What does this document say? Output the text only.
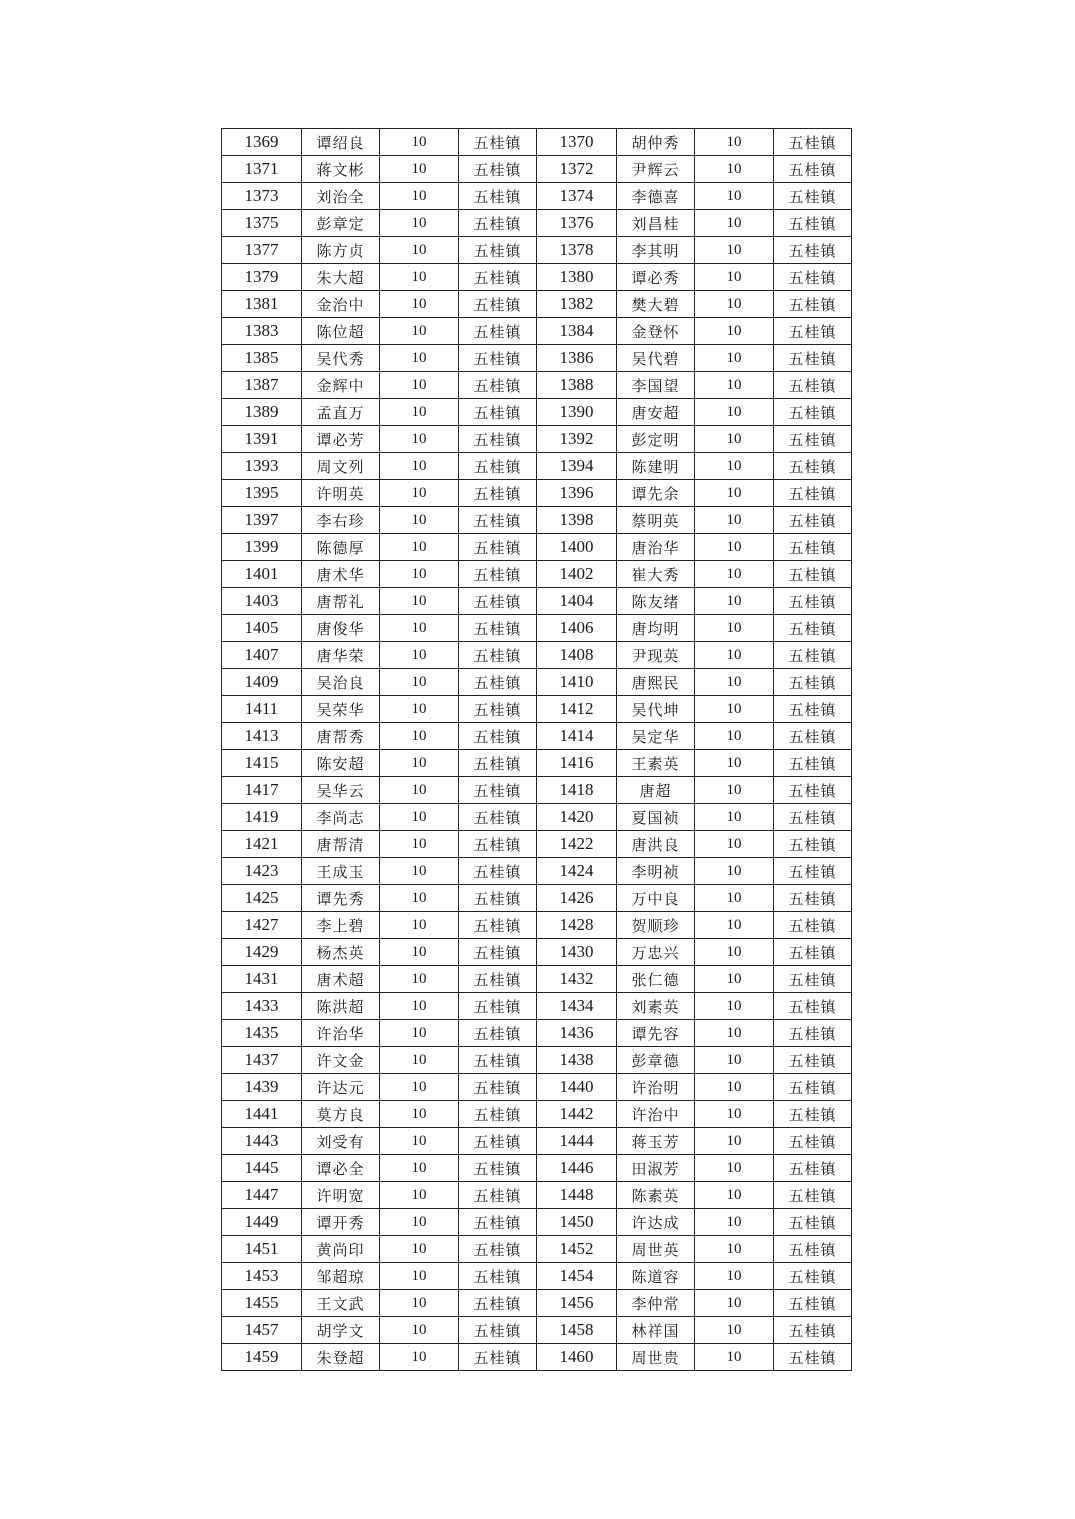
1369	谭绍良	10	五桂镇	1370	胡仲秀	10	五桂镇
1371	蒋文彬	10	五桂镇	1372	尹辉云	10	五桂镇
1373	刘治全	10	五桂镇	1374	李德喜	10	五桂镇
1375	彭章定	10	五桂镇	1376	刘昌桂	10	五桂镇
1377	陈方贞	10	五桂镇	1378	李其明	10	五桂镇
1379	朱大超	10	五桂镇	1380	谭必秀	10	五桂镇
1381	金治中	10	五桂镇	1382	樊大碧	10	五桂镇
1383	陈位超	10	五桂镇	1384	金登怀	10	五桂镇
1385	吴代秀	10	五桂镇	1386	吴代碧	10	五桂镇
1387	金辉中	10	五桂镇	1388	李国望	10	五桂镇
1389	孟直万	10	五桂镇	1390	唐安超	10	五桂镇
1391	谭必芳	10	五桂镇	1392	彭定明	10	五桂镇
1393	周文列	10	五桂镇	1394	陈建明	10	五桂镇
1395	许明英	10	五桂镇	1396	谭先余	10	五桂镇
1397	李右珍	10	五桂镇	1398	蔡明英	10	五桂镇
1399	陈德厚	10	五桂镇	1400	唐治华	10	五桂镇
1401	唐术华	10	五桂镇	1402	崔大秀	10	五桂镇
1403	唐帮礼	10	五桂镇	1404	陈友绪	10	五桂镇
1405	唐俊华	10	五桂镇	1406	唐均明	10	五桂镇
1407	唐华荣	10	五桂镇	1408	尹现英	10	五桂镇
1409	吴治良	10	五桂镇	1410	唐熙民	10	五桂镇
1411	吴荣华	10	五桂镇	1412	吴代坤	10	五桂镇
1413	唐帮秀	10	五桂镇	1414	吴定华	10	五桂镇
1415	陈安超	10	五桂镇	1416	王素英	10	五桂镇
1417	吴华云	10	五桂镇	1418	唐超	10	五桂镇
1419	李尚志	10	五桂镇	1420	夏国祯	10	五桂镇
1421	唐帮清	10	五桂镇	1422	唐洪良	10	五桂镇
1423	王成玉	10	五桂镇	1424	李明祯	10	五桂镇
1425	谭先秀	10	五桂镇	1426	万中良	10	五桂镇
1427	李上碧	10	五桂镇	1428	贺顺珍	10	五桂镇
1429	杨杰英	10	五桂镇	1430	万忠兴	10	五桂镇
1431	唐术超	10	五桂镇	1432	张仁德	10	五桂镇
1433	陈洪超	10	五桂镇	1434	刘素英	10	五桂镇
1435	许治华	10	五桂镇	1436	谭先容	10	五桂镇
1437	许文金	10	五桂镇	1438	彭章德	10	五桂镇
1439	许达元	10	五桂镇	1440	许治明	10	五桂镇
1441	莫方良	10	五桂镇	1442	许治中	10	五桂镇
1443	刘受有	10	五桂镇	1444	蒋玉芳	10	五桂镇
1445	谭必全	10	五桂镇	1446	田淑芳	10	五桂镇
1447	许明宽	10	五桂镇	1448	陈素英	10	五桂镇
1449	谭开秀	10	五桂镇	1450	许达成	10	五桂镇
1451	黄尚印	10	五桂镇	1452	周世英	10	五桂镇
1453	邹超琼	10	五桂镇	1454	陈道容	10	五桂镇
1455	王文武	10	五桂镇	1456	李仲常	10	五桂镇
1457	胡学文	10	五桂镇	1458	林祥国	10	五桂镇
1459	朱登超	10	五桂镇	1460	周世贵	10	五桂镇
